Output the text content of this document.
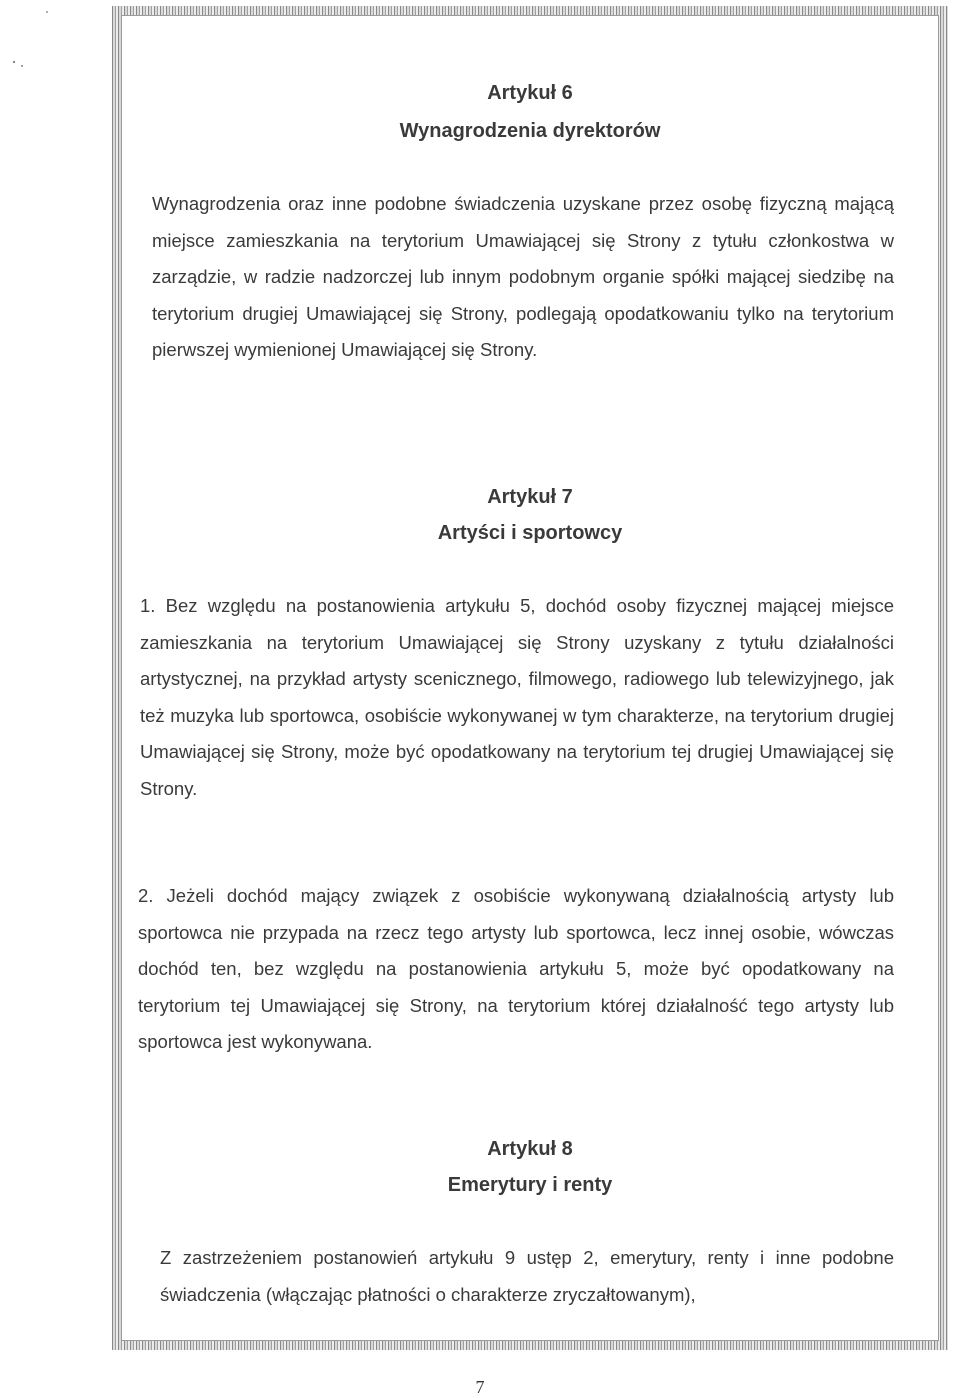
Artykuł 6
Wynagrodzenia dyrektorów

Wynagrodzenia oraz inne podobne świadczenia uzyskane przez osobę fizyczną mającą miejsce zamieszkania na terytorium Umawiającej się Strony z tytułu członkostwa w zarządzie, w radzie nadzorczej lub innym podobnym organie spółki mającej siedzibę na terytorium drugiej Umawiającej się Strony, podlegają opodatkowaniu tylko na terytorium pierwszej wymienionej Umawiającej się Strony.

Artykuł 7
Artyści i sportowcy

1. Bez względu na postanowienia artykułu 5, dochód osoby fizycznej mającej miejsce zamieszkania na terytorium Umawiającej się Strony uzyskany z tytułu działalności artystycznej, na przykład artysty scenicznego, filmowego, radiowego lub telewizyjnego, jak też muzyka lub sportowca, osobiście wykonywanej w tym charakterze, na terytorium drugiej Umawiającej się Strony, może być opodatkowany na terytorium tej drugiej Umawiającej się Strony.

2. Jeżeli dochód mający związek z osobiście wykonywaną działalnością artysty lub sportowca nie przypada na rzecz tego artysty lub sportowca, lecz innej osobie, wówczas dochód ten, bez względu na postanowienia artykułu 5, może być opodatkowany na terytorium tej Umawiającej się Strony, na terytorium której działalność tego artysty lub sportowca jest wykonywana.

Artykuł 8
Emerytury i renty

Z zastrzeżeniem postanowień artykułu 9 ustęp 2, emerytury, renty i inne podobne świadczenia (włączając płatności o charakterze zryczałtowanym),

7
